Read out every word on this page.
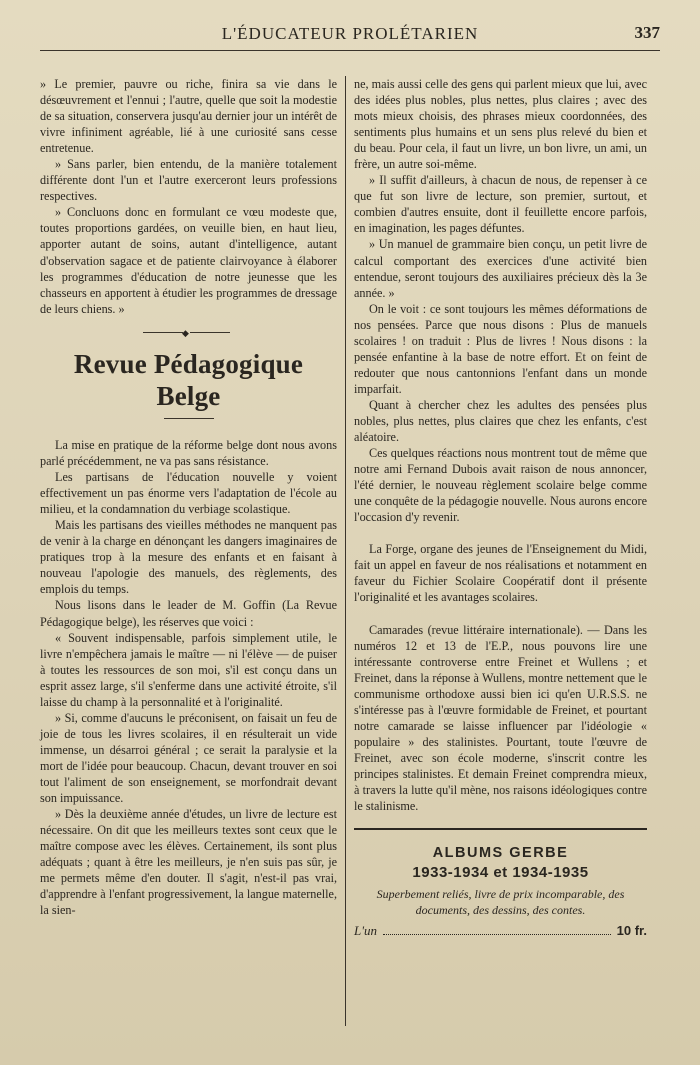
L'ÉDUCATEUR PROLÉTARIEN	337

» Le premier, pauvre ou riche, finira sa vie dans le désœuvrement et l'ennui ; l'autre, quelle que soit la modestie de sa situation, conservera jusqu'au dernier jour un intérêt de vivre infiniment agréable, lié à une curiosité sans cesse entretenue.

» Sans parler, bien entendu, de la manière totalement différente dont l'un et l'autre exerceront leurs professions respectives.

» Concluons donc en formulant ce vœu modeste que, toutes proportions gardées, on veuille bien, en haut lieu, apporter autant de soins, autant d'intelligence, autant d'observation sagace et de patiente clairvoyance à élaborer les programmes d'éducation de notre jeunesse que les chasseurs en apportent à étudier les programmes de dressage de leurs chiens. »

◆
Revue Pédagogique Belge

La mise en pratique de la réforme belge dont nous avons parlé précédemment, ne va pas sans résistance.

Les partisans de l'éducation nouvelle y voient effectivement un pas énorme vers l'adaptation de l'école au milieu, et la condamnation du verbiage scolastique.

Mais les partisans des vieilles méthodes ne manquent pas de venir à la charge en dénonçant les dangers imaginaires de pratiques trop à la mesure des enfants et en faisant à nouveau l'apologie des manuels, des règlements, des emplois du temps.

Nous lisons dans le leader de M. Goffin (La Revue Pédagogique belge), les réserves que voici :

« Souvent indispensable, parfois simplement utile, le livre n'empêchera jamais le maître — ni l'élève — de puiser à toutes les ressources de son moi, s'il est conçu dans un esprit assez large, s'il s'enferme dans une activité étroite, s'il laisse du champ à la personnalité et à l'originalité.

» Si, comme d'aucuns le préconisent, on faisait un feu de joie de tous les livres scolaires, il en résulterait un vide immense, un désarroi général ; ce serait la paralysie et la mort de l'idée pour beaucoup. Chacun, devant trouver en soi tout l'aliment de son enseignement, se morfondrait devant son impuissance.

» Dès la deuxième année d'études, un livre de lecture est nécessaire. On dit que les meilleurs textes sont ceux que le maître compose avec les élèves. Certainement, ils sont plus adéquats ; quant à être les meilleurs, je n'en suis pas sûr, je me permets même d'en douter. Il s'agit, n'est-il pas vrai, d'apprendre à l'enfant progressivement, la langue maternelle, la sien-

ne, mais aussi celle des gens qui parlent mieux que lui, avec des idées plus nobles, plus nettes, plus claires ; avec des mots mieux choisis, des phrases mieux coordonnées, des sentiments plus humains et un sens plus relevé du bien et du beau. Pour cela, il faut un livre, un bon livre, un ami, un frère, un autre soi-même.

» Il suffit d'ailleurs, à chacun de nous, de repenser à ce que fut son livre de lecture, son premier, surtout, et combien d'autres ensuite, dont il feuillette encore parfois, en imagination, les pages défuntes.

» Un manuel de grammaire bien conçu, un petit livre de calcul comportant des exercices d'une activité bien entendue, seront toujours des auxiliaires précieux dès la 3e année. »

On le voit : ce sont toujours les mêmes déformations de nos pensées. Parce que nous disons : Plus de manuels scolaires ! on traduit : Plus de livres ! Nous disons : la pensée enfantine à la base de notre effort. Et on feint de redouter que nous cantonnions l'enfant dans un monde imparfait.

Quant à chercher chez les adultes des pensées plus nobles, plus nettes, plus claires que chez les enfants, c'est aléatoire.

Ces quelques réactions nous montrent tout de même que notre ami Fernand Dubois avait raison de nous annoncer, l'été dernier, le nouveau règlement scolaire belge comme une conquête de la pédagogie nouvelle. Nous aurons encore l'occasion d'y revenir.

La Forge, organe des jeunes de l'Enseignement du Midi, fait un appel en faveur de nos réalisations et notamment en faveur du Fichier Scolaire Coopératif dont il présente l'originalité et les avantages scolaires.

Camarades (revue littéraire internationale). — Dans les numéros 12 et 13 de l'E.P., nous pouvons lire une intéressante controverse entre Freinet et Wullens ; et Freinet, dans la réponse à Wullens, montre nettement que le communisme orthodoxe aussi bien ici qu'en U.R.S.S. ne s'intéresse pas à l'œuvre formidable de Freinet, et pourtant notre camarade se laisse influencer par l'idéologie « populaire » des stalinistes. Pourtant, toute l'œuvre de Freinet, avec son école moderne, s'inscrit contre les principes stalinistes. Et demain Freinet comprendra mieux, à travers la lutte qu'il mène, nos raisons idéologiques contre le stalinisme.

ALBUMS GERBE
1933-1934 et 1934-1935
Superbement reliés, livre de prix incomparable, des documents, des dessins, des contes.
L'un	10 fr.
